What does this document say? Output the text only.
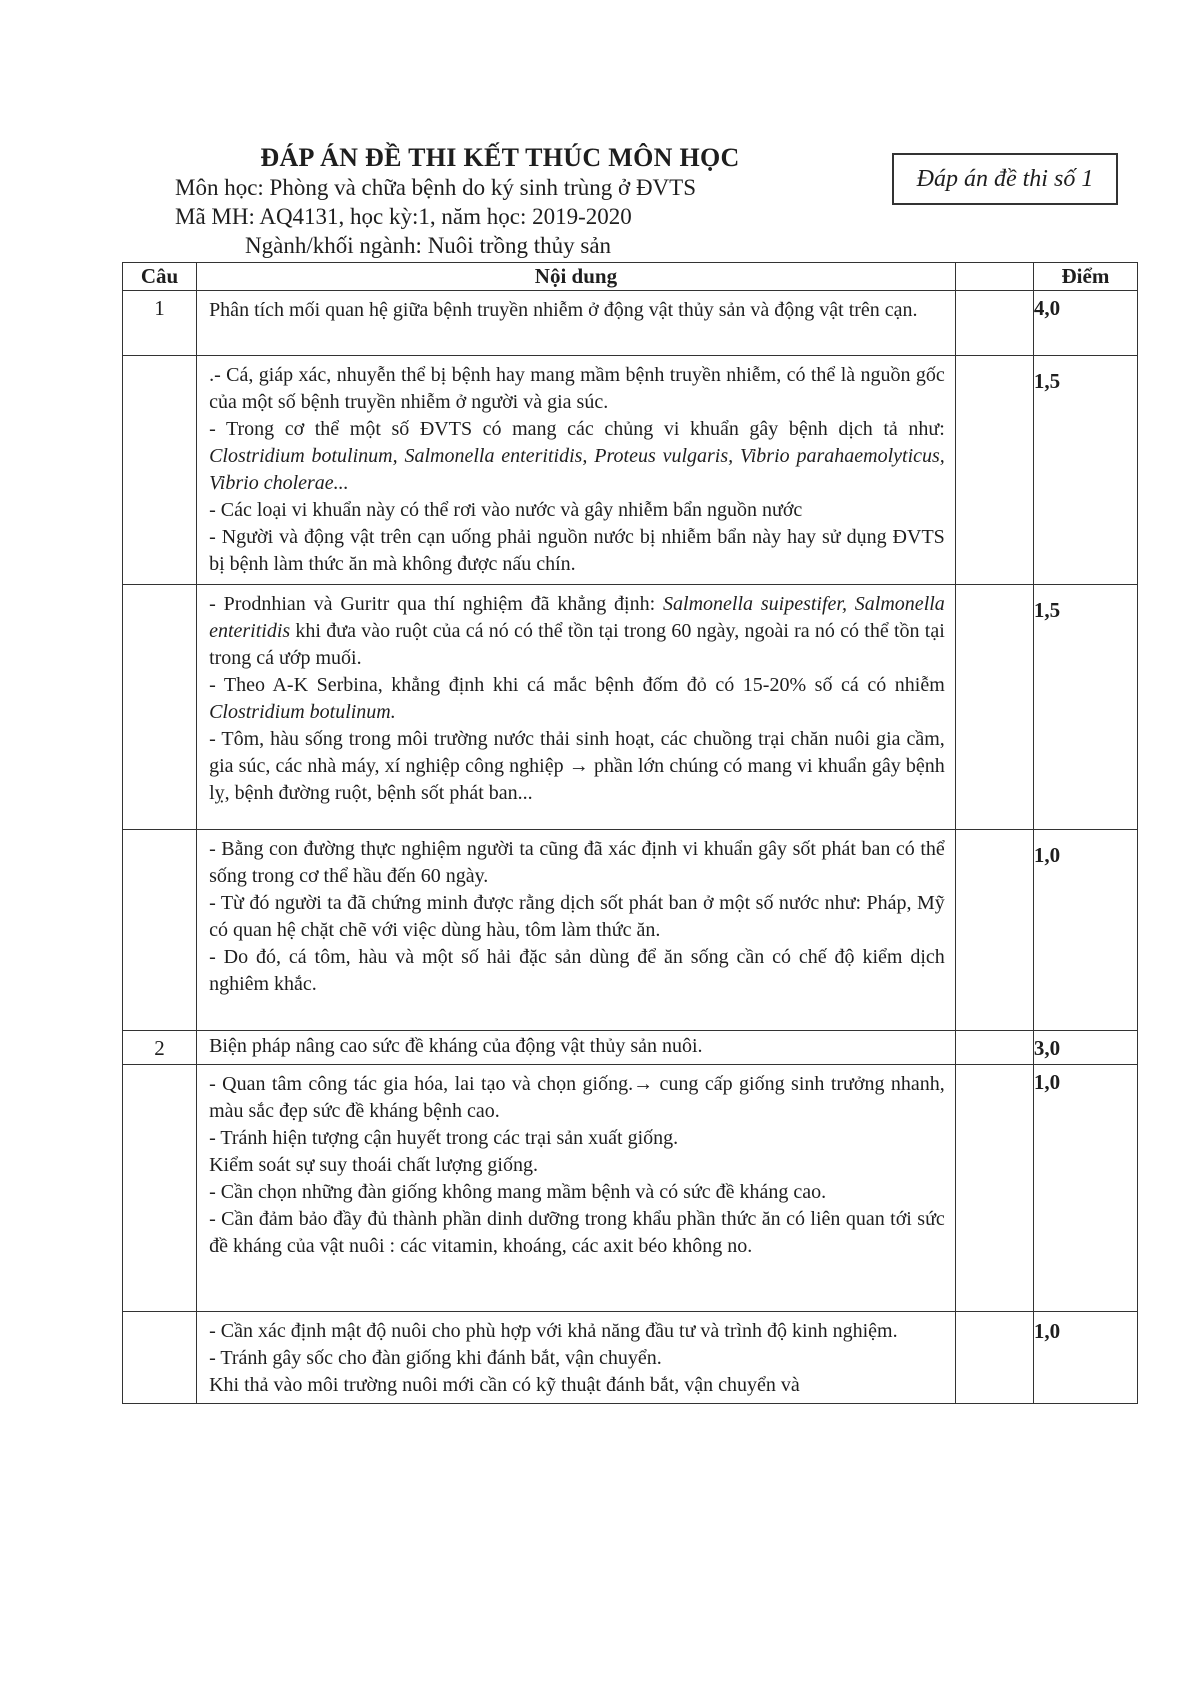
ĐÁP ÁN ĐỀ THI KẾT THÚC MÔN HỌC
Môn học: Phòng và chữa bệnh do ký sinh trùng ở ĐVTS
Mã MH: AQ4131, học kỳ:1, năm học: 2019-2020
Ngành/khối ngành: Nuôi trồng thủy sản
Đáp án đề thi số 1
Câu	Nội dung		Điểm
1	Phân tích mối quan hệ giữa bệnh truyền nhiễm ở động vật thủy sản và động vật trên cạn.		4,0

	.- Cá, giáp xác, nhuyễn thể bị bệnh hay mang mầm bệnh truyền nhiễm, có thể là nguồn gốc của một số bệnh truyền nhiễm ở người và gia súc.

- Trong cơ thể một số ĐVTS có mang các chủng vi khuẩn gây bệnh dịch tả như: Clostridium botulinum, Salmonella enteritidis, Proteus vulgaris, Vibrio parahaemolyticus, Vibrio cholerae...

- Các loại vi khuẩn này có thể rơi vào nước và gây nhiễm bẩn nguồn nước

- Người và động vật trên cạn uống phải nguồn nước bị nhiễm bẩn này hay sử dụng ĐVTS bị bệnh làm thức ăn mà không được nấu chín.		1,5

	- Prodnhian và Guritr qua thí nghiệm đã khẳng định: Salmonella suipestifer, Salmonella enteritidis khi đưa vào ruột của cá nó có thể tồn tại trong 60 ngày, ngoài ra nó có thể tồn tại trong cá ướp muối.

- Theo A-K Serbina, khẳng định khi cá mắc bệnh đốm đỏ có 15-20% số cá có nhiễm Clostridium botulinum.

- Tôm, hàu sống trong môi trường nước thải sinh hoạt, các chuồng trại chăn nuôi gia cầm, gia súc, các nhà máy, xí nghiệp công nghiệp → phần lớn chúng có mang vi khuẩn gây bệnh lỵ, bệnh đường ruột, bệnh sốt phát ban...		1,5

	- Bằng con đường thực nghiệm người ta cũng đã xác định vi khuẩn gây sốt phát ban có thể sống trong cơ thể hầu đến 60 ngày.

- Từ đó người ta đã chứng minh được rằng dịch sốt phát ban ở một số nước như: Pháp, Mỹ có quan hệ chặt chẽ với việc dùng hàu, tôm làm thức ăn.

- Do đó, cá tôm, hàu và một số hải đặc sản dùng để ăn sống cần có chế độ kiểm dịch nghiêm khắc.		1,0
2	Biện pháp nâng cao sức đề kháng của động vật thủy sản nuôi.		3,0

	- Quan tâm công tác gia hóa, lai tạo và chọn giống.→ cung cấp giống sinh trưởng nhanh, màu sắc đẹp sức đề kháng bệnh cao.

- Tránh hiện tượng cận huyết trong các trại sản xuất giống.

Kiểm soát sự suy thoái chất lượng giống.

- Cần chọn những đàn giống không mang mầm bệnh và có sức đề kháng cao.

- Cần đảm bảo đầy đủ thành phần dinh dưỡng trong khẩu phần thức ăn có liên quan tới sức đề kháng của vật nuôi : các vitamin, khoáng, các axit béo không no.		1,0

	- Cần xác định mật độ nuôi cho phù hợp với khả năng đầu tư và trình độ kinh nghiệm.

- Tránh gây sốc cho đàn giống khi đánh bắt, vận chuyển.

Khi thả vào môi trường nuôi mới cần có kỹ thuật đánh bắt, vận chuyển và		1,0
